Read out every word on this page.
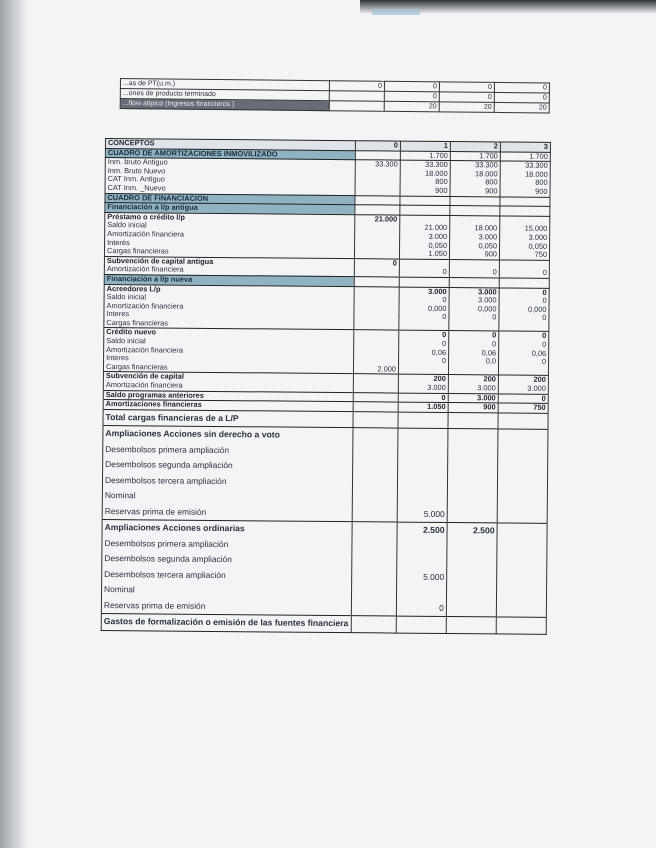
...as de PT(u.m.)	0	0	0	0
...ones de producto terminado		0	0	0
...flow atipico (Ingresos financieros )		20	20	20
CONCEPTOS	0	1	2	3
CUADRO DE AMORTIZACIONES INMOVILIZADO		1.700	1.700	1.700
Inm. bruto Antiguo	33.300	33.300	33.300	33.300
Inm. Bruto Nuevo		18.000	18.000	18.000
CAT Inm. Antiguo		800	800	800
CAT Inm. _Nuevo		900	900	900
CUADRO DE FINANCIACION				
Financiación a l/p antigua				
Préstamo o crédito l/p	21.000			
Saldo inicial		21.000	18.000	15.000
Amortización financiera		3.000	3.000	3.000
Interés		0,050	0,050	0,050
Cargas financieras		1.050	900	750
Subvención de capital antigua	0			
Amortización financiera		0	0	0
Financiación a l/p nueva				
Acreedores L/p		3.000	3.000	0
Saldo inicial		0	3.000	0
Amortización financiera		0,000	0,000	0,000
Interes		0	0	0
Cargas financieras				
Crédito nuevo		0	0	0
Saldo inicial		0	0	0
Amortización financiera		0,06	0,06	0,06
Interes		0	0,0	0
Cargas financieras	2.000			
Subvención de capital		200	200	200
Amortización financiera		3.000	3.000	3.000
Saldo programas anteriores		0	3.000	0
Amortizaciones financieras		1.050	900	750
Total cargas financieras de a L/P				
Ampliaciones Acciones sin derecho a voto				
Desembolsos primera ampliación				
Desembolsos segunda ampliación				
Desembolsos tercera ampliación				
Nominal				
Reservas prima de emisión		5.000		
Ampliaciones Acciones ordinarias		2.500	2.500	
Desembolsos primera ampliación				
Desembolsos segunda ampliación				
Desembolsos tercera ampliación		5.000		
Nominal				
Reservas prima de emisión		0		
Gastos de formalización o emisión de las fuentes financiera				
